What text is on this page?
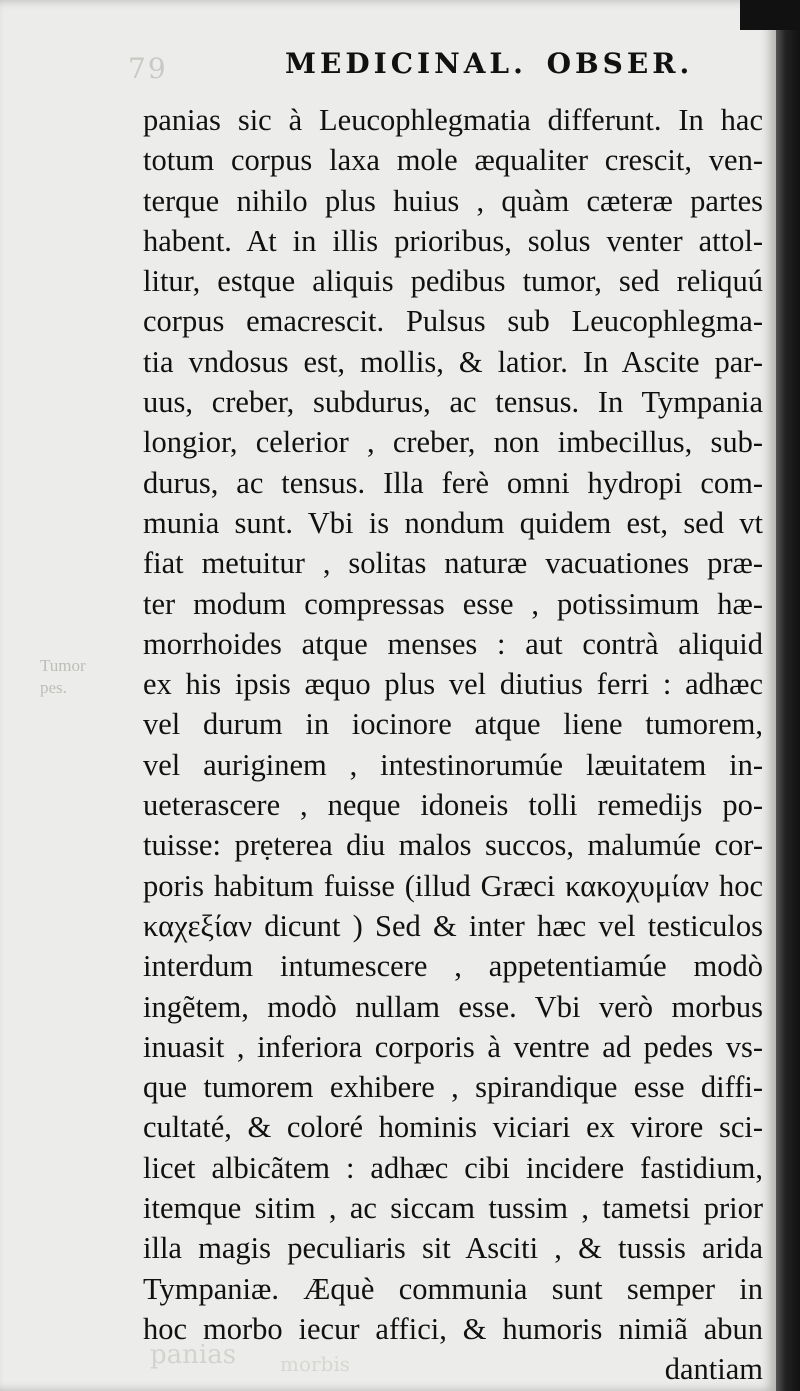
79	MEDICINAL. OBSER.
Tumor
pes.
panias sic à Leucophlegmatia differunt. In hac
totum corpus laxa mole æqualiter crescit, ven-
terque nihilo plus huius , quàm cæteræ partes
habent. At in illis prioribus, solus venter attol-
litur, estque aliquis pedibus tumor, sed reliquú
corpus emacrescit. Pulsus sub Leucophlegma-
tia vndosus est, mollis, & latior. In Ascite par-
uus, creber, subdurus, ac tensus. In Tympania
longior, celerior , creber, non imbecillus, sub-
durus, ac tensus. Illa ferè omni hydropi com-
munia sunt. Vbi is nondum quidem est, sed vt
fiat metuitur , solitas naturæ vacuationes præ-
ter modum compressas esse , potissimum hæ-
morrhoides atque menses : aut contrà aliquid
ex his ipsis æquo plus vel diutius ferri : adhæc
vel durum in iocinore atque liene tumorem,
vel auriginem , intestinorumúe læuitatem in-
ueterascere , neque idoneis tolli remedijs po-
tuisse: prẹterea diu malos succos, malumúe cor-
poris habitum fuisse (illud Græci κακοχυμίαν hoc
καχεξίαν dicunt ) Sed & inter hæc vel testiculos
interdum intumescere , appetentiamúe modò
ingẽtem, modò nullam esse. Vbi verò morbus
inuasit , inferiora corporis à ventre ad pedes vs-
que tumorem exhibere , spirandique esse diffi-
cultaté, & coloré hominis viciari ex virore sci-
licet albicãtem : adhæc cibi incidere fastidium,
itemque sitim , ac siccam tussim , tametsi prior
illa magis peculiaris sit Asciti , & tussis arida
Tympaniæ. Æquè communia sunt semper in
hoc morbo iecur affici, & humoris nimiã abun
dantiam
panias morbis
